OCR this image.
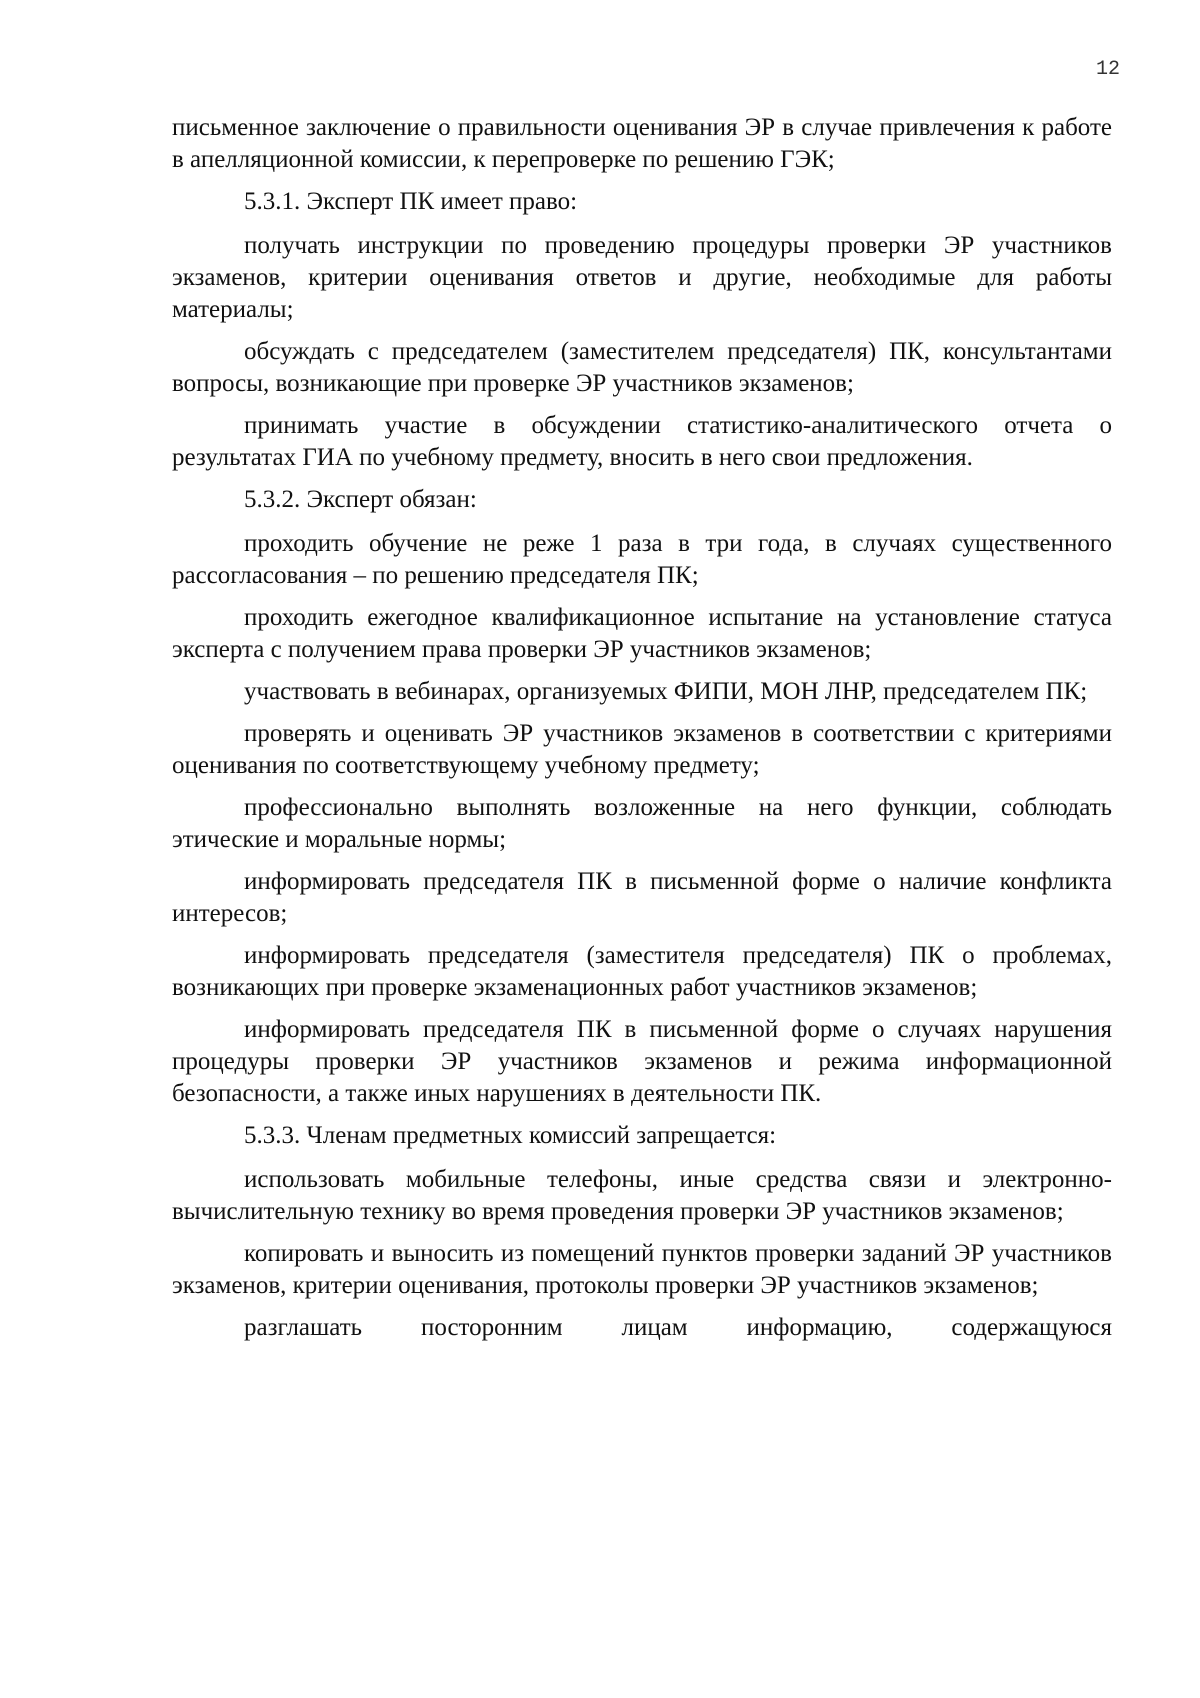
12

письменное заключение о правильности оценивания ЭР в случае привлечения к работе в апелляционной комиссии, к перепроверке по решению ГЭК;

5.3.1. Эксперт ПК имеет право:

получать инструкции по проведению процедуры проверки ЭР участников экзаменов, критерии оценивания ответов и другие, необходимые для работы материалы;

обсуждать с председателем (заместителем председателя) ПК, консультантами вопросы, возникающие при проверке ЭР участников экзаменов;

принимать участие в обсуждении статистико-аналитического отчета о результатах ГИА по учебному предмету, вносить в него свои предложения.

5.3.2. Эксперт обязан:

проходить обучение не реже 1 раза в три года, в случаях существенного рассогласования – по решению председателя ПК;

проходить ежегодное квалификационное испытание на установление статуса эксперта с получением права проверки ЭР участников экзаменов;

участвовать в вебинарах, организуемых ФИПИ, МОН ЛНР, председателем ПК;

проверять и оценивать ЭР участников экзаменов в соответствии с критериями оценивания по соответствующему учебному предмету;

профессионально выполнять возложенные на него функции, соблюдать этические и моральные нормы;

информировать председателя ПК в письменной форме о наличие конфликта интересов;

информировать председателя (заместителя председателя) ПК о проблемах, возникающих при проверке экзаменационных работ участников экзаменов;

информировать председателя ПК в письменной форме о случаях нарушения процедуры проверки ЭР участников экзаменов и режима информационной безопасности, а также иных нарушениях в деятельности ПК.

5.3.3. Членам предметных комиссий запрещается:

использовать мобильные телефоны, иные средства связи и электронно-вычислительную технику во время проведения проверки ЭР участников экзаменов;

копировать и выносить из помещений пунктов проверки заданий ЭР участников экзаменов, критерии оценивания, протоколы проверки ЭР участников экзаменов;

разглашать посторонним лицам информацию, содержащуюся
